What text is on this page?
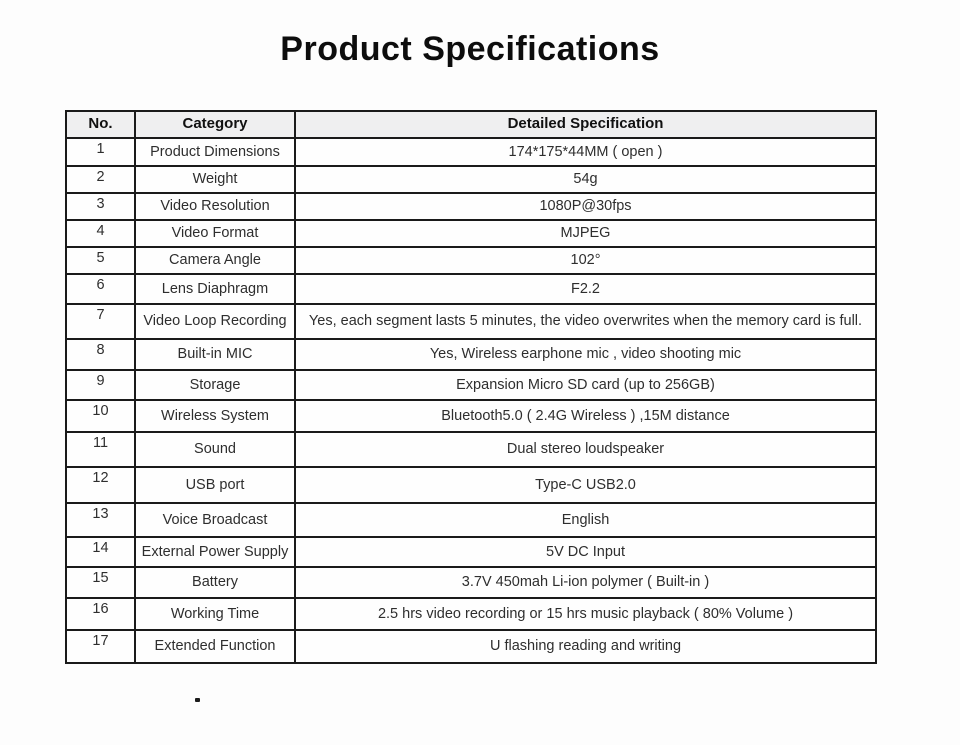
Product Specifications
No.	Category	Detailed Specification
1	Product Dimensions	174*175*44MM ( open )
2	Weight	54g
3	Video Resolution	1080P@30fps
4	Video Format	MJPEG
5	Camera Angle	102°
6	Lens Diaphragm	F2.2
7	Video Loop Recording	Yes, each segment lasts 5 minutes, the video overwrites when the memory card is full.
8	Built-in MIC	Yes, Wireless earphone mic , video shooting mic
9	Storage	Expansion Micro SD card (up to 256GB)
10	Wireless System	Bluetooth5.0 ( 2.4G Wireless ) ,15M distance
11	Sound	Dual stereo loudspeaker
12	USB port	Type-C USB2.0
13	Voice Broadcast	English
14	External Power Supply	5V DC Input
15	Battery	3.7V 450mah Li-ion polymer ( Built-in )
16	Working Time	2.5 hrs video recording or 15 hrs music playback ( 80% Volume )
17	Extended Function	U flashing reading and writing
